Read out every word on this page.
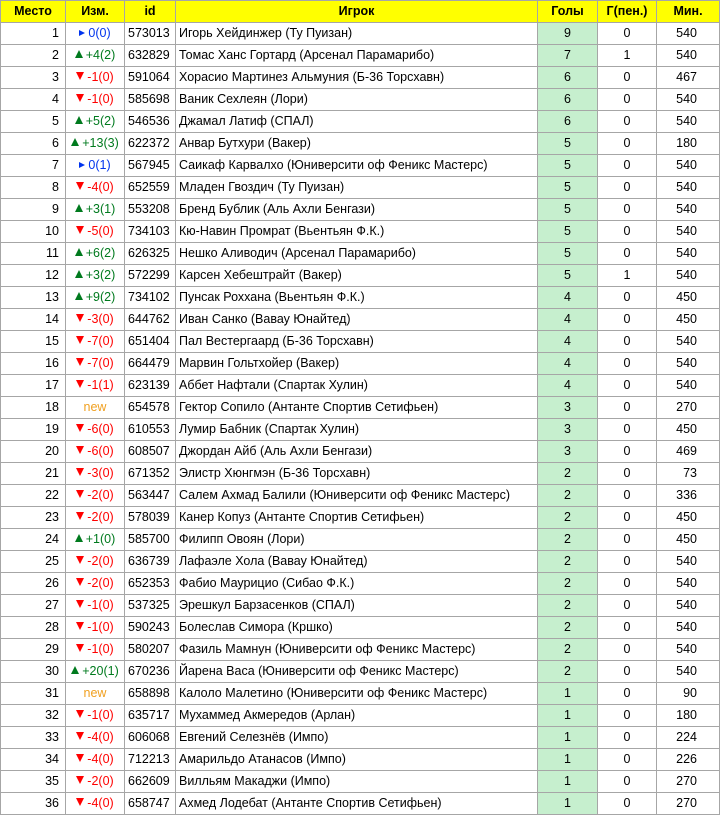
Место	Изм.	id	Игрок	Голы	Г(пен.)	Мин.
1	0(0)	573013	Игорь Хейдинжер (Ту Пуизан)	9	0	540
2	+4(2)	632829	Томас Ханс Гортард (Арсенал Парамарибо)	7	1	540
3	-1(0)	591064	Хорасио Мартинез Альмуния (Б-36 Торсхавн)	6	0	467
4	-1(0)	585698	Ваник Сехлеян (Лори)	6	0	540
5	+5(2)	546536	Джамал Латиф (СПАЛ)	6	0	540
6	+13(3)	622372	Анвар Бутхури (Вакер)	5	0	180
7	0(1)	567945	Саикаф Карвалхо (Юниверсити оф Феникс Мастерс)	5	0	540
8	-4(0)	652559	Младен Гвоздич (Ту Пуизан)	5	0	540
9	+3(1)	553208	Бренд Бублик (Аль Ахли Бенгази)	5	0	540
10	-5(0)	734103	Кю-Навин Промрат (Вьентьян Ф.К.)	5	0	540
11	+6(2)	626325	Нешко Аливодич (Арсенал Парамарибо)	5	0	540
12	+3(2)	572299	Карсен Хебештрайт (Вакер)	5	1	540
13	+9(2)	734102	Пунсак Роххана (Вьентьян Ф.К.)	4	0	450
14	-3(0)	644762	Иван Санко (Вавау Юнайтед)	4	0	450
15	-7(0)	651404	Пал Вестергаард (Б-36 Торсхавн)	4	0	540
16	-7(0)	664479	Марвин Гольтхойер (Вакер)	4	0	540
17	-1(1)	623139	Аббет Нафтали (Спартак Хулин)	4	0	540
18	new	654578	Гектор Сопило (Антанте Спортив Сетифьен)	3	0	270
19	-6(0)	610553	Лумир Бабник (Спартак Хулин)	3	0	450
20	-6(0)	608507	Джордан Айб (Аль Ахли Бенгази)	3	0	469
21	-3(0)	671352	Элистр Хюнгмэн (Б-36 Торсхавн)	2	0	73
22	-2(0)	563447	Салем Ахмад Балили (Юниверсити оф Феникс Мастерс)	2	0	336
23	-2(0)	578039	Канер Копуз (Антанте Спортив Сетифьен)	2	0	450
24	+1(0)	585700	Филипп Овоян (Лори)	2	0	450
25	-2(0)	636739	Лафаэле Хола (Вавау Юнайтед)	2	0	540
26	-2(0)	652353	Фабио Маурицио (Сибао Ф.К.)	2	0	540
27	-1(0)	537325	Эрешкул Барзасенков (СПАЛ)	2	0	540
28	-1(0)	590243	Болеслав Симора (Кршко)	2	0	540
29	-1(0)	580207	Фазиль Мамнун (Юниверсити оф Феникс Мастерс)	2	0	540
30	+20(1)	670236	Йарена Васа (Юниверсити оф Феникс Мастерс)	2	0	540
31	new	658898	Калоло Малетино (Юниверсити оф Феникс Мастерс)	1	0	90
32	-1(0)	635717	Мухаммед Акмередов (Арлан)	1	0	180
33	-4(0)	606068	Евгений Селезнёв (Импо)	1	0	224
34	-4(0)	712213	Амарильдо Атанасов (Импо)	1	0	226
35	-2(0)	662609	Вилльям Макаджи (Импо)	1	0	270
36	-4(0)	658747	Ахмед Лодебат (Антанте Спортив Сетифьен)	1	0	270
